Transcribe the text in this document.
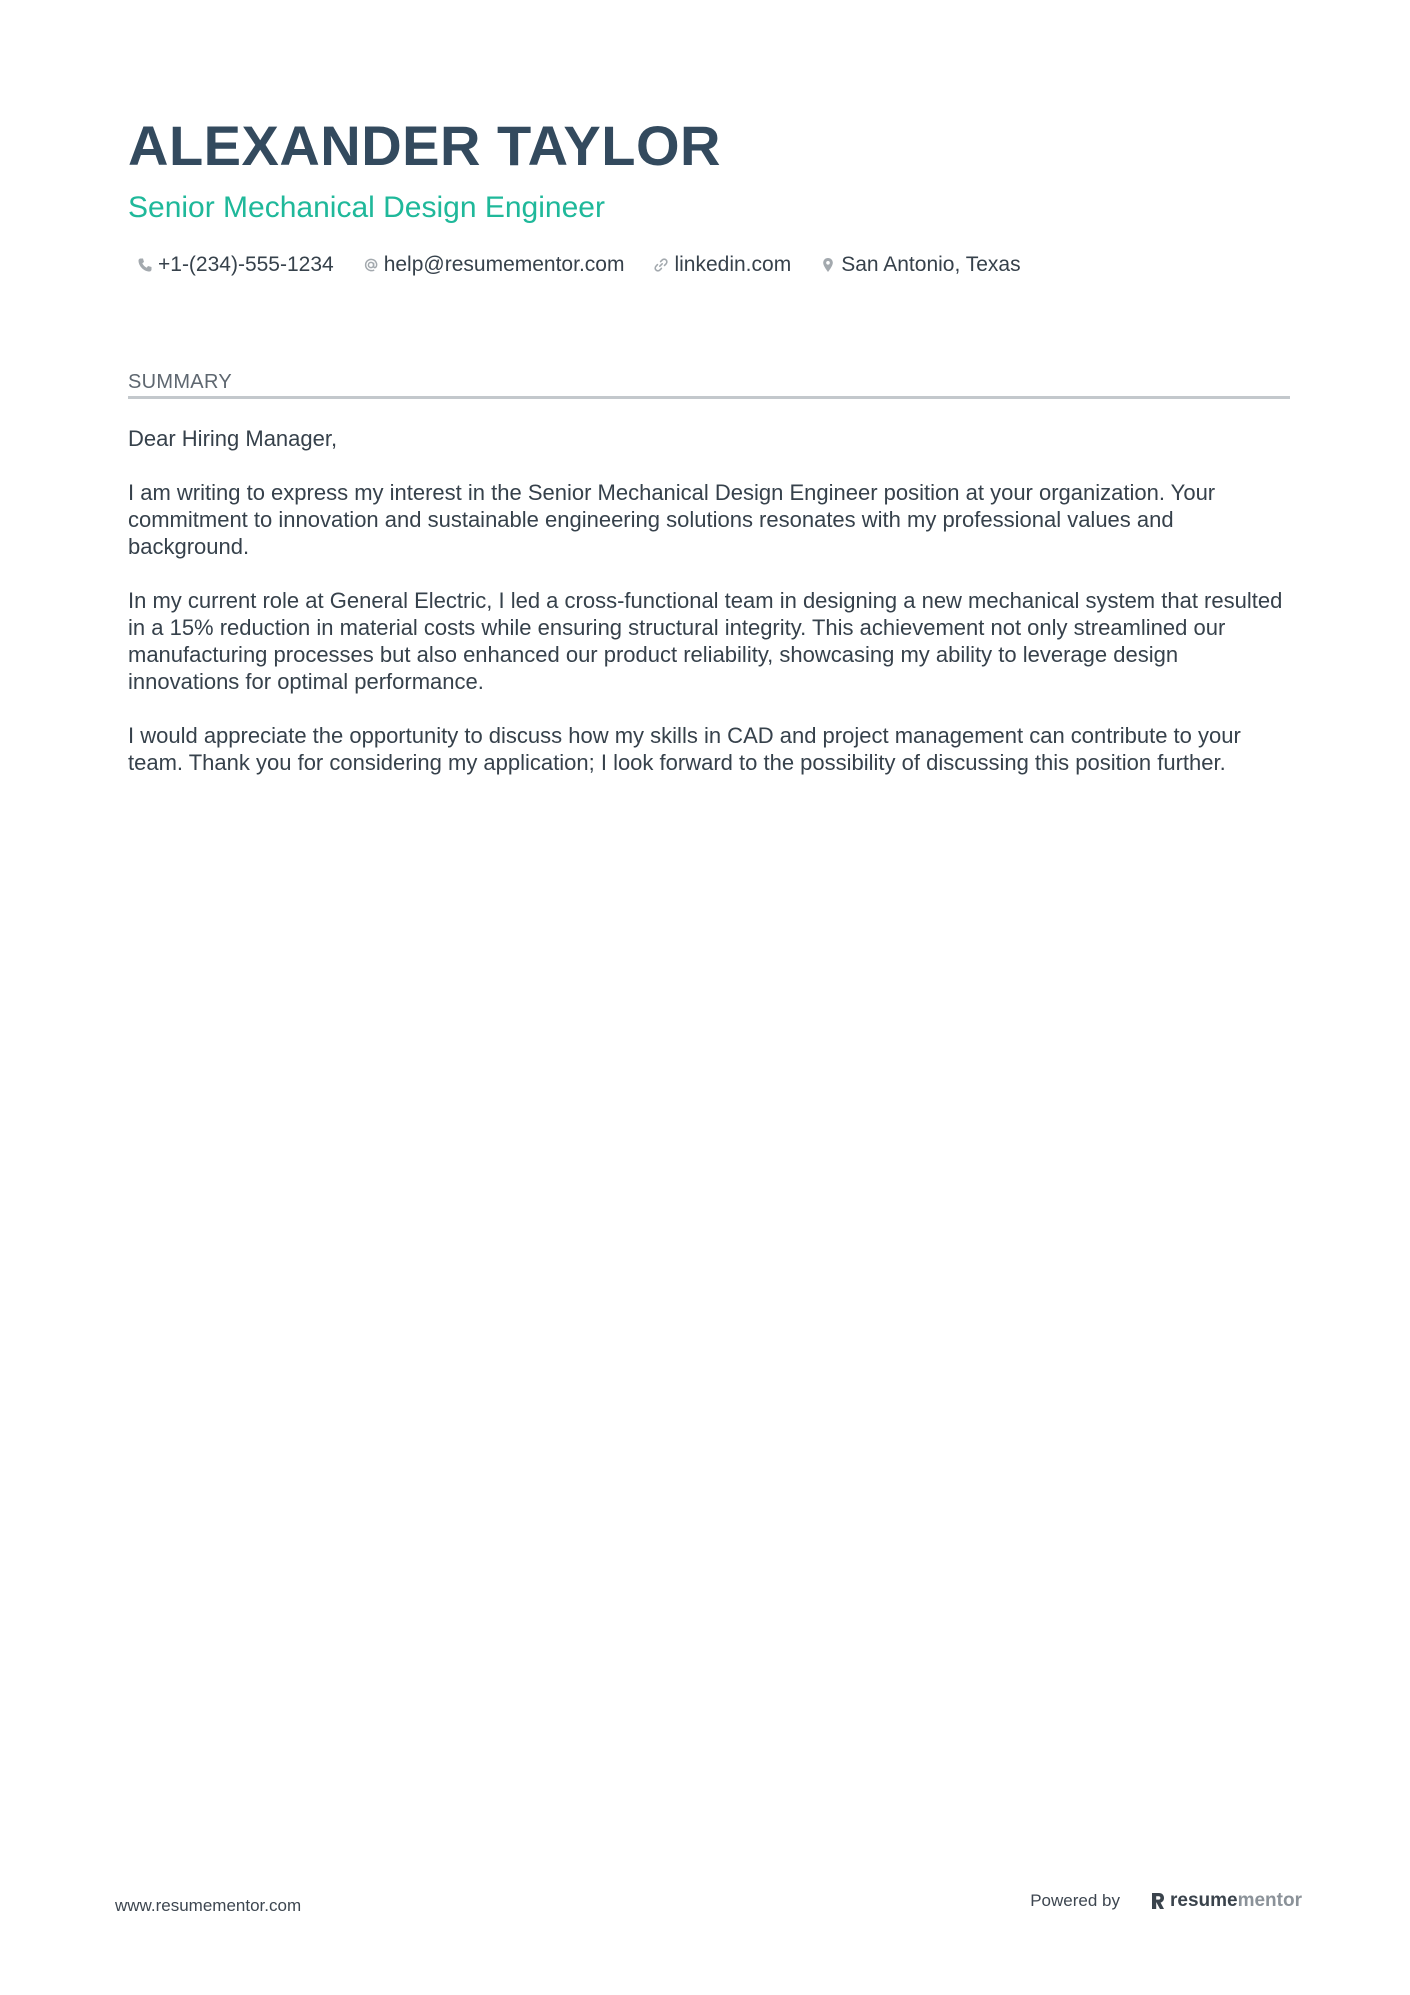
ALEXANDER TAYLOR
Senior Mechanical Design Engineer
+1-(234)-555-1234 help@resumementor.com linkedin.com San Antonio, Texas
SUMMARY

Dear Hiring Manager,

I am writing to express my interest in the Senior Mechanical Design Engineer position at your organization. Your commitment to innovation and sustainable engineering solutions resonates with my professional values and background.

In my current role at General Electric, I led a cross-functional team in designing a new mechanical system that resulted in a 15% reduction in material costs while ensuring structural integrity. This achievement not only streamlined our manufacturing processes but also enhanced our product reliability, showcasing my ability to leverage design innovations for optimal performance.

I would appreciate the opportunity to discuss how my skills in CAD and project management can contribute to your team. Thank you for considering my application; I look forward to the possibility of discussing this position further.

www.resumementor.com	Powered by	resume mentor
